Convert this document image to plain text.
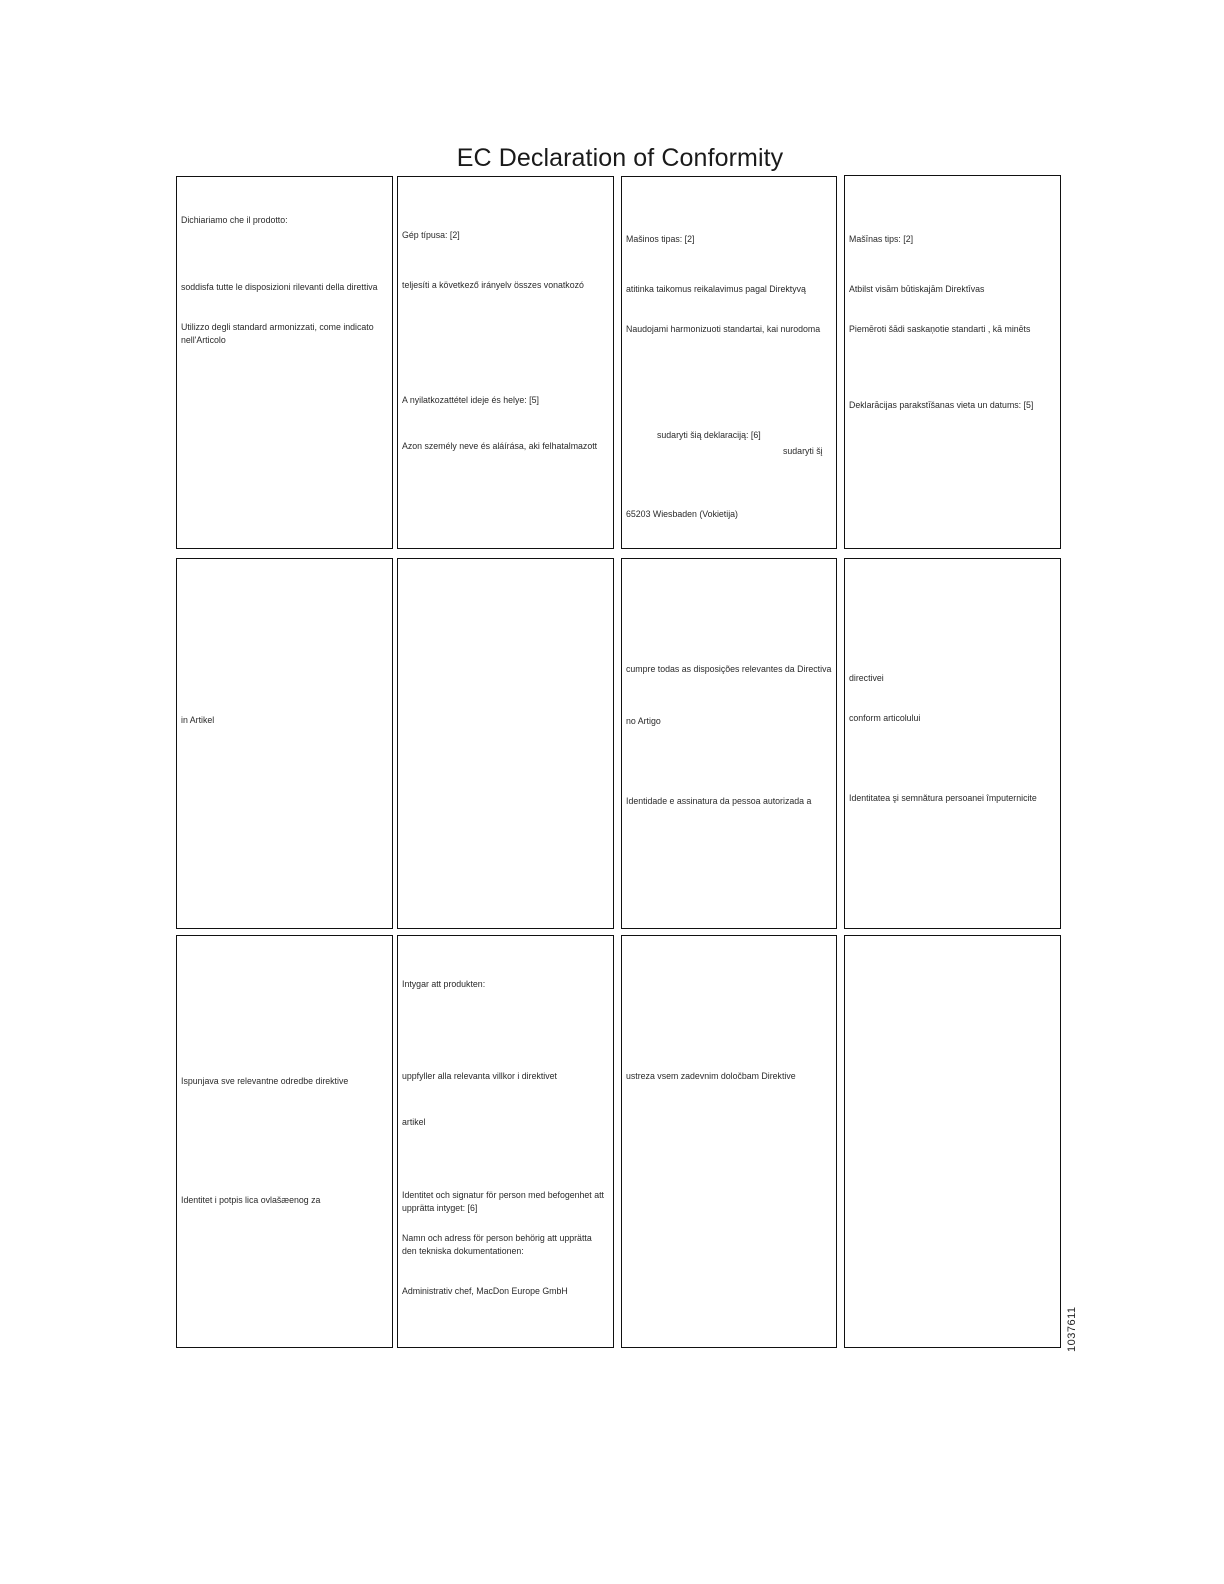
EC Declaration of Conformity
Dichiariamo che il prodotto:
soddisfa tutte le disposizioni rilevanti della direttiva
Utilizzo degli standard armonizzati, come indicato nell'Articolo
Gép típusa: [2]
teljesíti a következő irányelv összes vonatkozó
A nyilatkozattétel ideje és helye: [5]
Azon személy neve és aláírása, aki felhatalmazott
Mašinos tipas: [2]
atitinka taikomus reikalavimus pagal Direktyvą
Naudojami harmonizuoti standartai, kai nurodoma
sudaryti šią deklaraciją: [6]
sudaryti šį
65203 Wiesbaden (Vokietija)
Mašīnas tips: [2]
Atbilst visām būtiskajām Direktīvas
Piemēroti šādi saskaņotie standarti , kā minēts
Deklarācijas parakstīšanas vieta un datums: [5]
in Artikel
cumpre todas as disposições relevantes da Directiva
no Artigo
Identidade e assinatura da pessoa autorizada a
directivei
conform articolului
Identitatea şi semnătura persoanei împuternicite
Ispunjava sve relevantne odredbe direktive
Identitet i potpis lica ovlašæenog za
Intygar att produkten:
uppfyller alla relevanta villkor i direktivet
artikel
Identitet och signatur för person med befogenhet att upprätta intyget: [6]
Namn och adress för person behörig att upprätta den tekniska dokumentationen:
Administrativ chef, MacDon Europe GmbH
ustreza vsem zadevnim določbam Direktive
1037611
